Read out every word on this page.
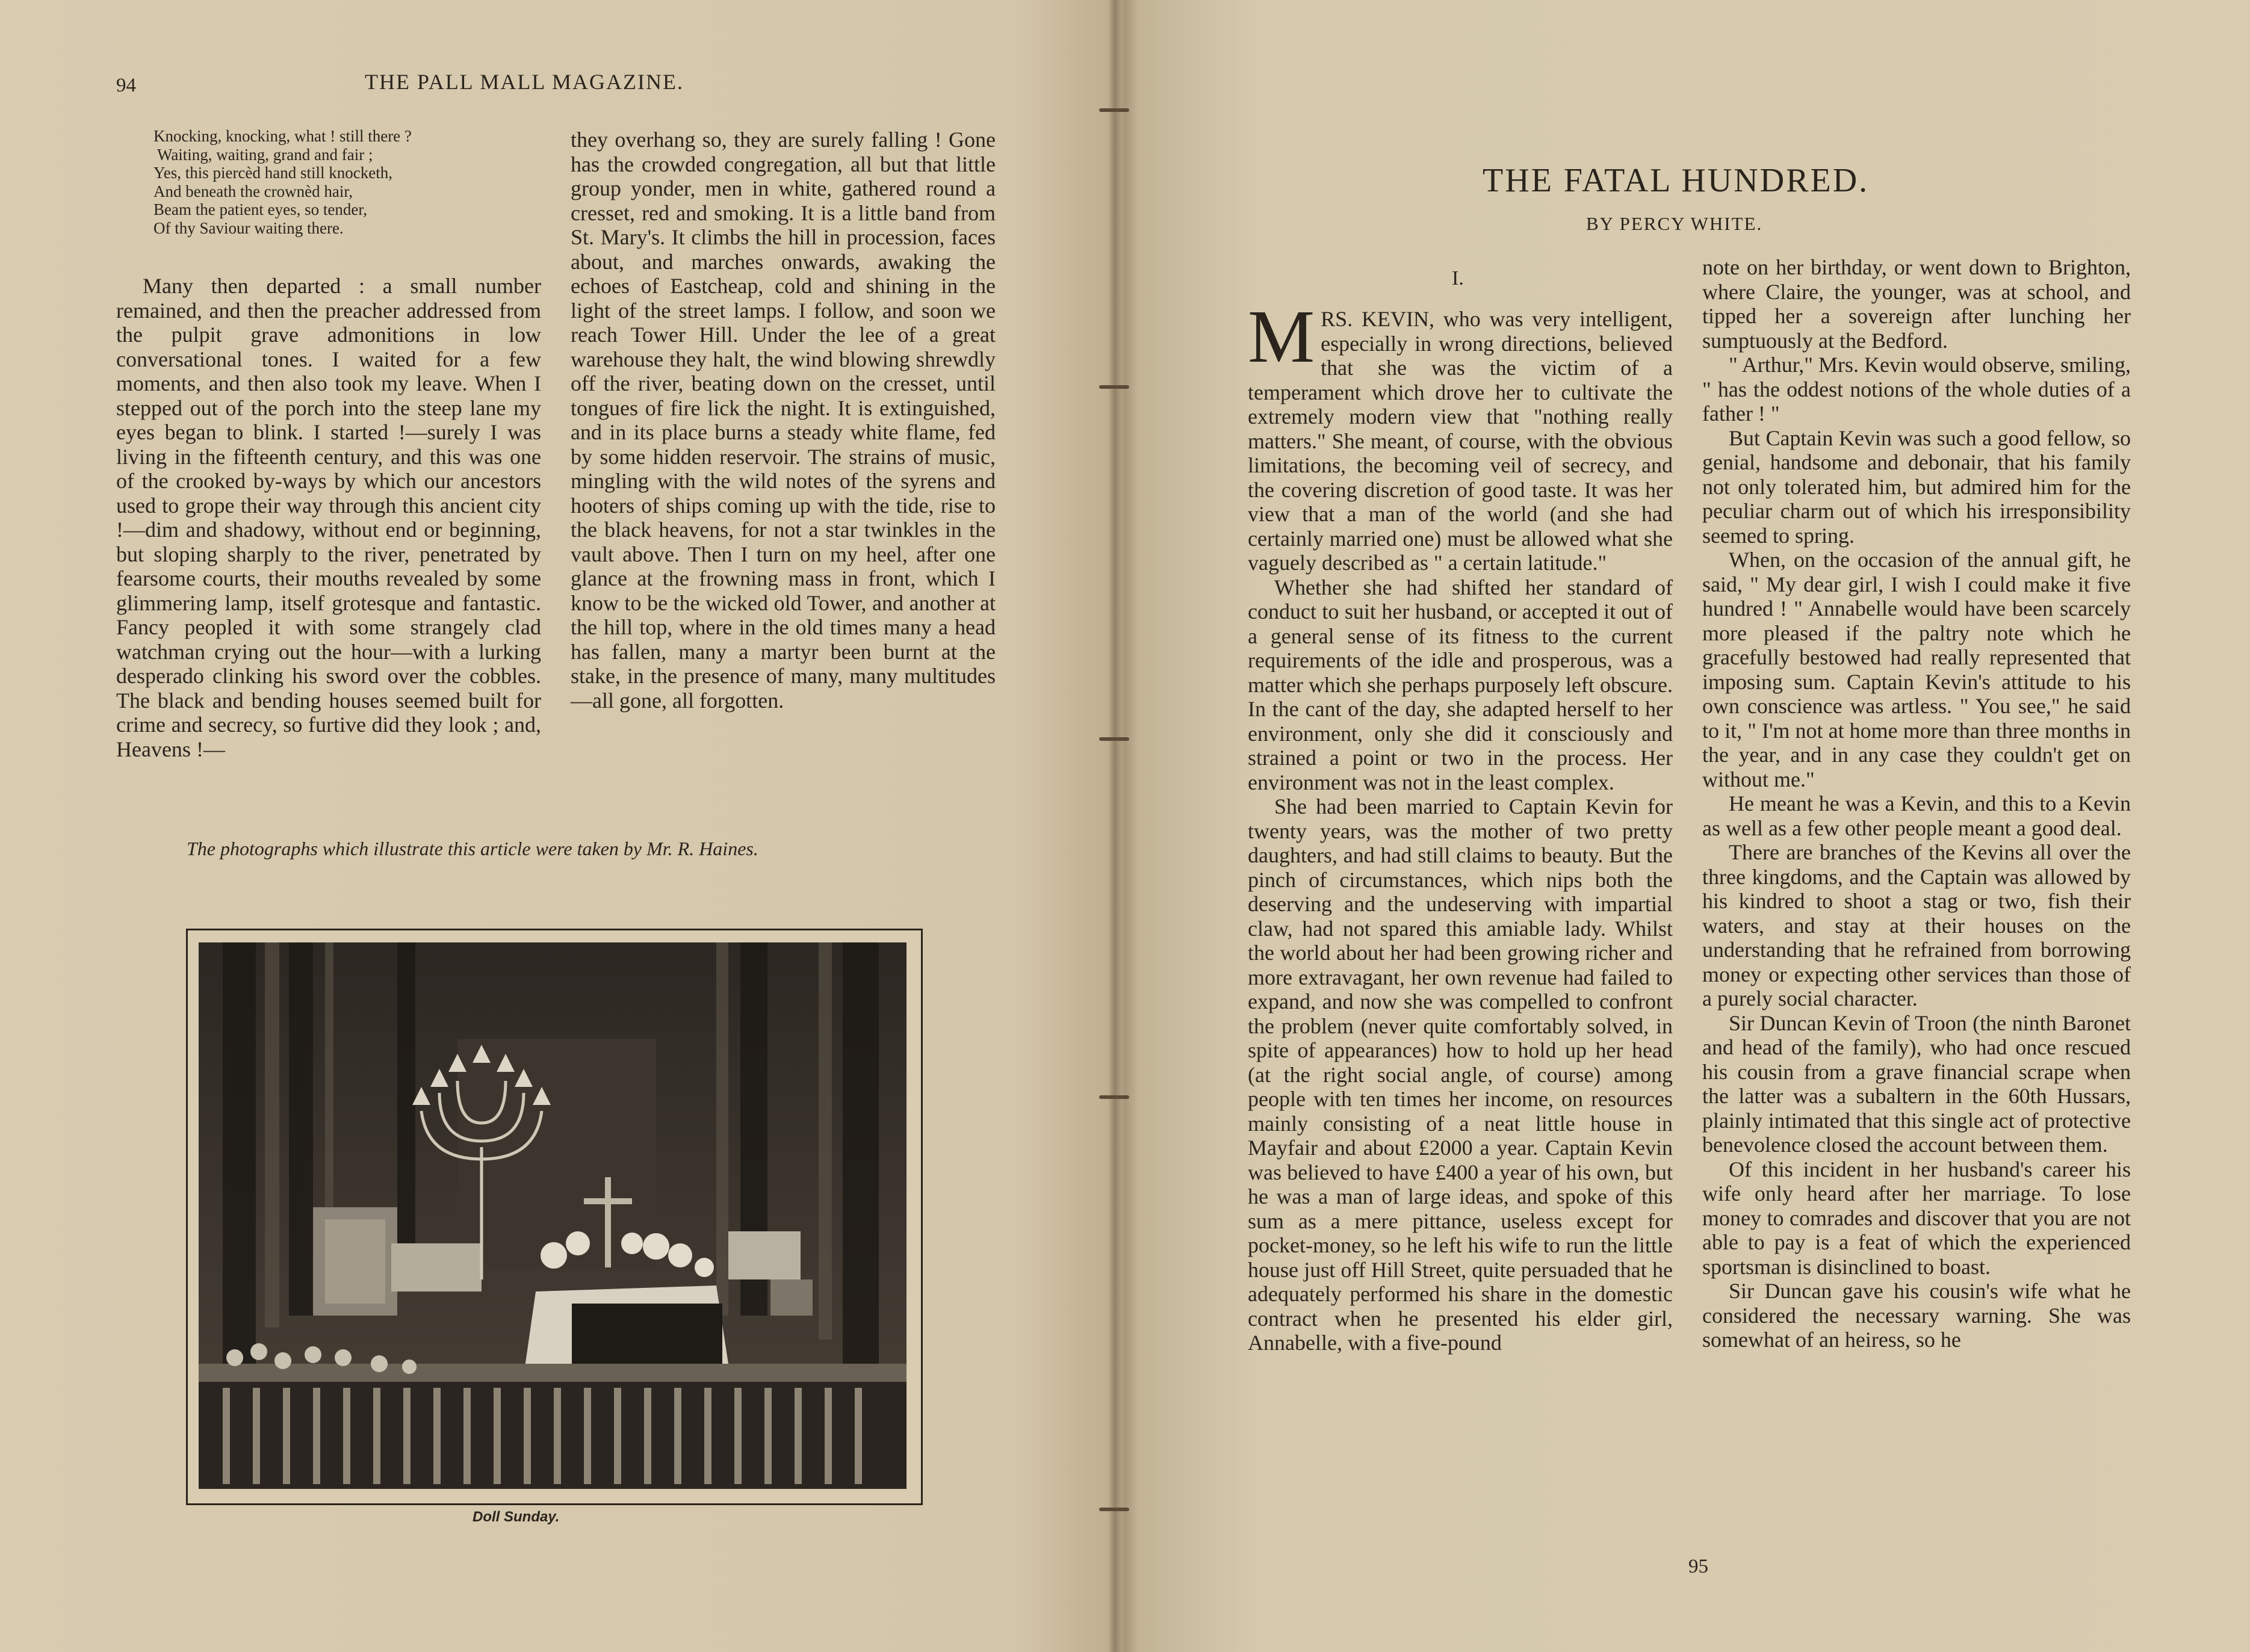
94	THE PALL MALL MAGAZINE.
Knocking, knocking, what ! still there ?
Waiting, waiting, grand and fair ;
Yes, this piercèd hand still knocketh,
And beneath the crownèd hair,
Beam the patient eyes, so tender,
Of thy Saviour waiting there.

Many then departed : a small number remained, and then the preacher addressed from the pulpit grave admonitions in low conversational tones. I waited for a few moments, and then also took my leave. When I stepped out of the porch into the steep lane my eyes began to blink. I started !—surely I was living in the fifteenth century, and this was one of the crooked by-ways by which our ancestors used to grope their way through this ancient city !—dim and shadowy, without end or beginning, but sloping sharply to the river, penetrated by fearsome courts, their mouths revealed by some glimmering lamp, itself grotesque and fantastic. Fancy peopled it with some strangely clad watchman crying out the hour—with a lurking desperado clinking his sword over the cobbles. The black and bending houses seemed built for crime and secrecy, so furtive did they look ; and, Heavens !—

they overhang so, they are surely falling ! Gone has the crowded congregation, all but that little group yonder, men in white, gathered round a cresset, red and smoking. It is a little band from St. Mary's. It climbs the hill in procession, faces about, and marches onwards, awaking the echoes of Eastcheap, cold and shining in the light of the street lamps. I follow, and soon we reach Tower Hill. Under the lee of a great warehouse they halt, the wind blowing shrewdly off the river, beating down on the cresset, until tongues of fire lick the night. It is extinguished, and in its place burns a steady white flame, fed by some hidden reservoir. The strains of music, mingling with the wild notes of the syrens and hooters of ships coming up with the tide, rise to the black heavens, for not a star twinkles in the vault above. Then I turn on my heel, after one glance at the frowning mass in front, which I know to be the wicked old Tower, and another at the hill top, where in the old times many a head has fallen, many a martyr been burnt at the stake, in the presence of many, many multitudes—all gone, all forgotten.

The photographs which illustrate this article were taken by Mr. R. Haines.
Doll Sunday.
THE FATAL HUNDRED.
BY PERCY WHITE.
I.

MRS. KEVIN, who was very intelligent, especially in wrong directions, believed that she was the victim of a temperament which drove her to cultivate the extremely modern view that "nothing really matters." She meant, of course, with the obvious limitations, the becoming veil of secrecy, and the covering discretion of good taste. It was her view that a man of the world (and she had certainly married one) must be allowed what she vaguely described as " a certain latitude."

Whether she had shifted her standard of conduct to suit her husband, or accepted it out of a general sense of its fitness to the current requirements of the idle and prosperous, was a matter which she perhaps purposely left obscure. In the cant of the day, she adapted herself to her environment, only she did it consciously and strained a point or two in the process. Her environment was not in the least complex.

She had been married to Captain Kevin for twenty years, was the mother of two pretty daughters, and had still claims to beauty. But the pinch of circumstances, which nips both the deserving and the undeserving with impartial claw, had not spared this amiable lady. Whilst the world about her had been growing richer and more extravagant, her own revenue had failed to expand, and now she was compelled to confront the problem (never quite comfortably solved, in spite of appearances) how to hold up her head (at the right social angle, of course) among people with ten times her income, on resources mainly consisting of a neat little house in Mayfair and about £2000 a year. Captain Kevin was believed to have £400 a year of his own, but he was a man of large ideas, and spoke of this sum as a mere pittance, useless except for pocket-money, so he left his wife to run the little house just off Hill Street, quite persuaded that he adequately performed his share in the domestic contract when he presented his elder girl, Annabelle, with a five-pound

note on her birthday, or went down to Brighton, where Claire, the younger, was at school, and tipped her a sovereign after lunching her sumptuously at the Bedford.

" Arthur," Mrs. Kevin would observe, smiling, " has the oddest notions of the whole duties of a father ! "

But Captain Kevin was such a good fellow, so genial, handsome and debonair, that his family not only tolerated him, but admired him for the peculiar charm out of which his irresponsibility seemed to spring.

When, on the occasion of the annual gift, he said, " My dear girl, I wish I could make it five hundred ! " Annabelle would have been scarcely more pleased if the paltry note which he gracefully bestowed had really represented that imposing sum. Captain Kevin's attitude to his own conscience was artless. " You see," he said to it, " I'm not at home more than three months in the year, and in any case they couldn't get on without me."

He meant he was a Kevin, and this to a Kevin as well as a few other people meant a good deal.

There are branches of the Kevins all over the three kingdoms, and the Captain was allowed by his kindred to shoot a stag or two, fish their waters, and stay at their houses on the understanding that he refrained from borrowing money or expecting other services than those of a purely social character.

Sir Duncan Kevin of Troon (the ninth Baronet and head of the family), who had once rescued his cousin from a grave financial scrape when the latter was a subaltern in the 60th Hussars, plainly intimated that this single act of protective benevolence closed the account between them.

Of this incident in her husband's career his wife only heard after her marriage. To lose money to comrades and discover that you are not able to pay is a feat of which the experienced sportsman is disinclined to boast.

Sir Duncan gave his cousin's wife what he considered the necessary warning. She was somewhat of an heiress, so he

95
